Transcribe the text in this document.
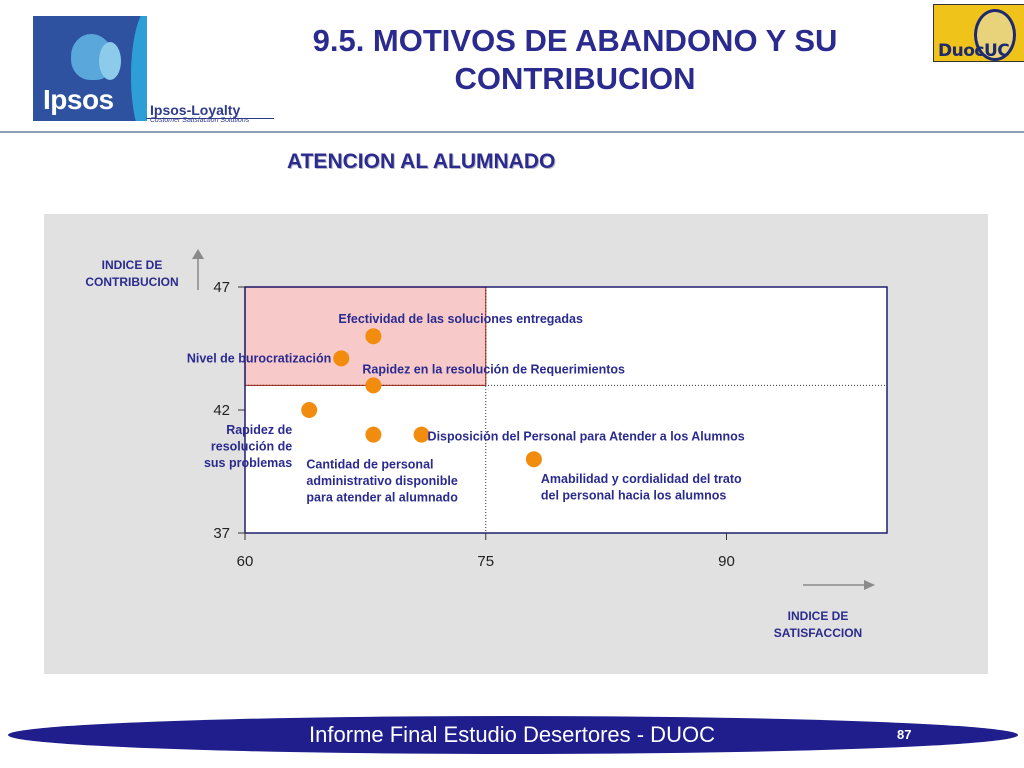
Ipsos	Ipsos-Loyalty
Customer Satisfaction Solutions
9.5. MOTIVOS DE ABANDONO Y SU CONTRIBUCION
DuocUC
ATENCION AL ALUMNADO
INDICE DE CONTRIBUCION
INDICE DE SATISFACCION
37
42
47
60	75	90
Efectividad de las soluciones entregadas
Nivel de burocratización
Rapidez en la resolución de Requerimientos
Rapidez de resolución de sus problemas Cantidad de personal administrativo disponible para atender al alumnado
Disposición del Personal para Atender a los Alumnos
Amabilidad y cordialidad del trato del personal hacia los alumnos
Informe Final Estudio Desertores - DUOC	87
